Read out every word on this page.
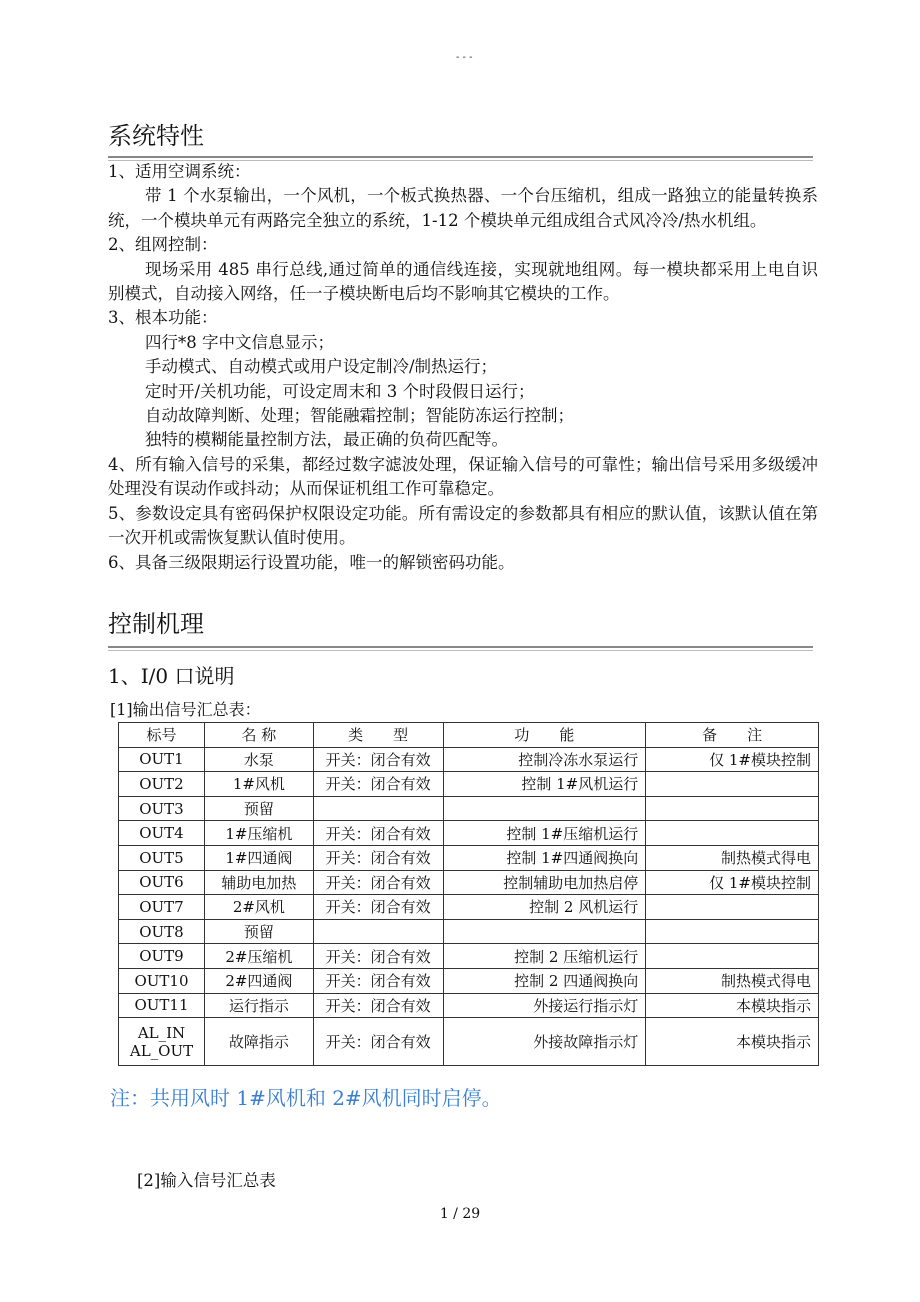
- - -
系统特性
1、适用空调系统：
带 1 个水泵输出，一个风机，一个板式换热器、一个台压缩机，组成一路独立的能量转换系统，一个模块单元有两路完全独立的系统，1-12 个模块单元组成组合式风冷冷/热水机组。
2、组网控制：
现场采用 485 串行总线,通过简单的通信线连接，实现就地组网。每一模块都采用上电自识别模式，自动接入网络，任一子模块断电后均不影响其它模块的工作。
3、根本功能：
四行*8 字中文信息显示；
手动模式、自动模式或用户设定制冷/制热运行；
定时开/关机功能，可设定周末和 3 个时段假日运行；
自动故障判断、处理；智能融霜控制；智能防冻运行控制；
独特的模糊能量控制方法，最正确的负荷匹配等。
4、所有输入信号的采集，都经过数字滤波处理，保证输入信号的可靠性；输出信号采用多级缓冲处理没有误动作或抖动；从而保证机组工作可靠稳定。
5、参数设定具有密码保护权限设定功能。所有需设定的参数都具有相应的默认值，该默认值在第一次开机或需恢复默认值时使用。
6、具备三级限期运行设置功能，唯一的解锁密码功能。
控制机理
1、I/0 口说明
[1]输出信号汇总表：
标号	名 称	类　　型	功　　能	备　　注
OUT1	水泵	开关：闭合有效	控制冷冻水泵运行	仅 1#模块控制
OUT2	1#风机	开关：闭合有效	控制 1#风机运行	
OUT3	预留			
OUT4	1#压缩机	开关：闭合有效	控制 1#压缩机运行	
OUT5	1#四通阀	开关：闭合有效	控制 1#四通阀换向	制热模式得电
OUT6	辅助电加热	开关：闭合有效	控制辅助电加热启停	仅 1#模块控制
OUT7	2#风机	开关：闭合有效	控制 2 风机运行	
OUT8	预留			
OUT9	2#压缩机	开关：闭合有效	控制 2 压缩机运行	
OUT10	2#四通阀	开关：闭合有效	控制 2 四通阀换向	制热模式得电
OUT11	运行指示	开关：闭合有效	外接运行指示灯	本模块指示
AL_IN AL_OUT	故障指示	开关：闭合有效	外接故障指示灯	本模块指示
注：共用风时 1#风机和 2#风机同时启停。
[2]输入信号汇总表
1 / 29
